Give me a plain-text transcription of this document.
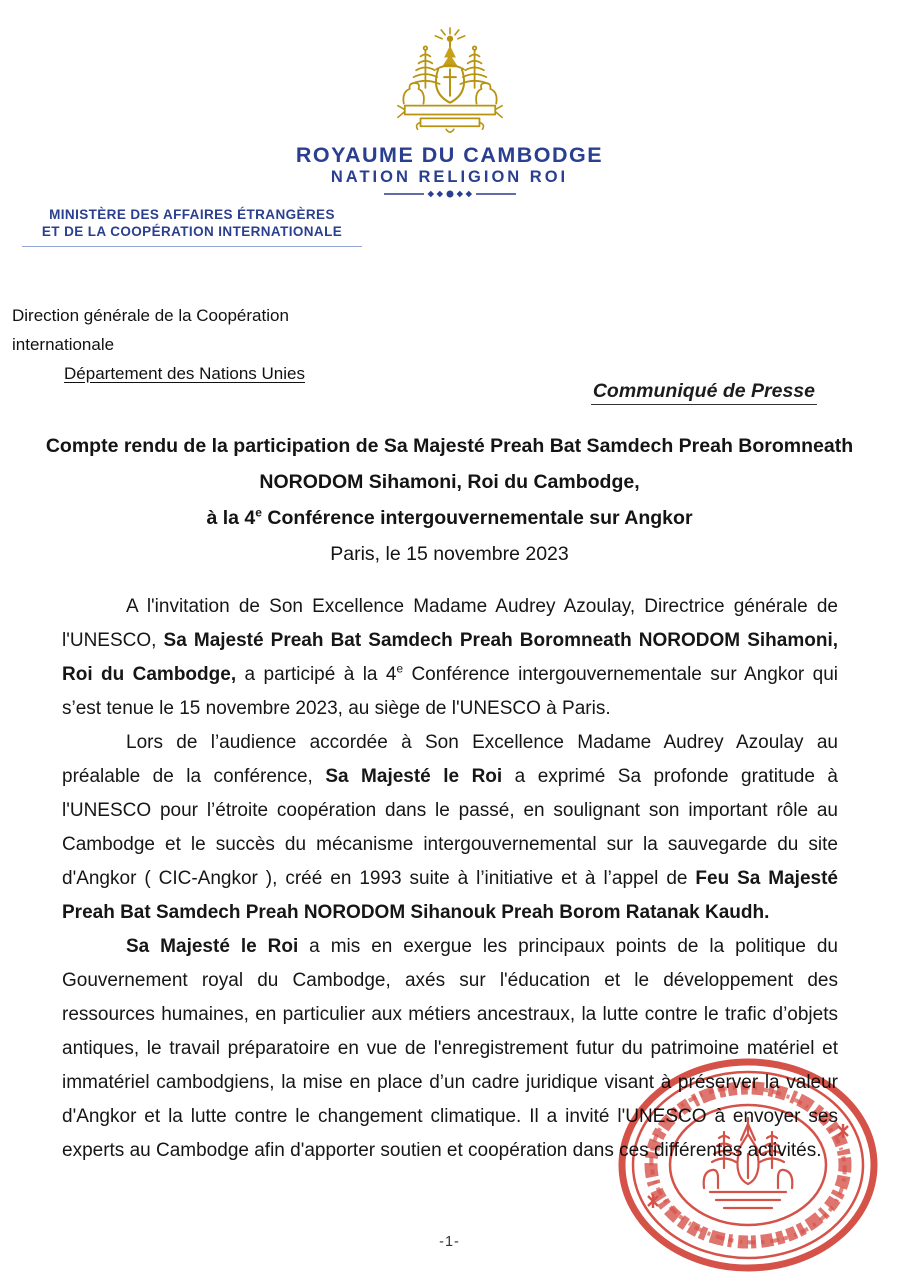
ROYAUME DU CAMBODGE
NATION RELIGION ROI
MINISTÈRE DES AFFAIRES ÉTRANGÈRES
ET DE LA COOPÉRATION INTERNATIONALE
Direction générale de la Coopération internationale
Département des Nations Unies
Communiqué de Presse
Compte rendu de la participation de Sa Majesté Preah Bat Samdech Preah Boromneath
NORODOM Sihamoni, Roi du Cambodge,
à la 4e Conférence intergouvernementale sur Angkor
Paris, le 15 novembre 2023

A l'invitation de Son Excellence Madame Audrey Azoulay, Directrice générale de l'UNESCO, Sa Majesté Preah Bat Samdech Preah Boromneath NORODOM Sihamoni, Roi du Cambodge, a participé à la 4e Conférence intergouvernementale sur Angkor qui s’est tenue le 15 novembre 2023, au siège de l'UNESCO à Paris.

Lors de l’audience accordée à Son Excellence Madame Audrey Azoulay au préalable de la conférence, Sa Majesté le Roi a exprimé Sa profonde gratitude à l'UNESCO pour l’étroite coopération dans le passé, en soulignant son important rôle au Cambodge et le succès du mécanisme intergouvernemental sur la sauvegarde du site d'Angkor ( CIC-Angkor ), créé en 1993 suite à l’initiative et à l’appel de Feu Sa Majesté Preah Bat Samdech Preah NORODOM Sihanouk Preah Borom Ratanak Kaudh.

Sa Majesté le Roi a mis en exergue les principaux points de la politique du Gouvernement royal du Cambodge, axés sur l'éducation et le développement des ressources humaines, en particulier aux métiers ancestraux, la lutte contre le trafic d’objets antiques, le travail préparatoire en vue de l'enregistrement futur du patrimoine matériel et immatériel cambodgiens, la mise en place d’un cadre juridique visant à préserver la valeur d'Angkor et la lutte contre le changement climatique. Il a invité l'UNESCO à envoyer ses experts au Cambodge afin d'apporter soutien et coopération dans ces différentes activités.

-1-
